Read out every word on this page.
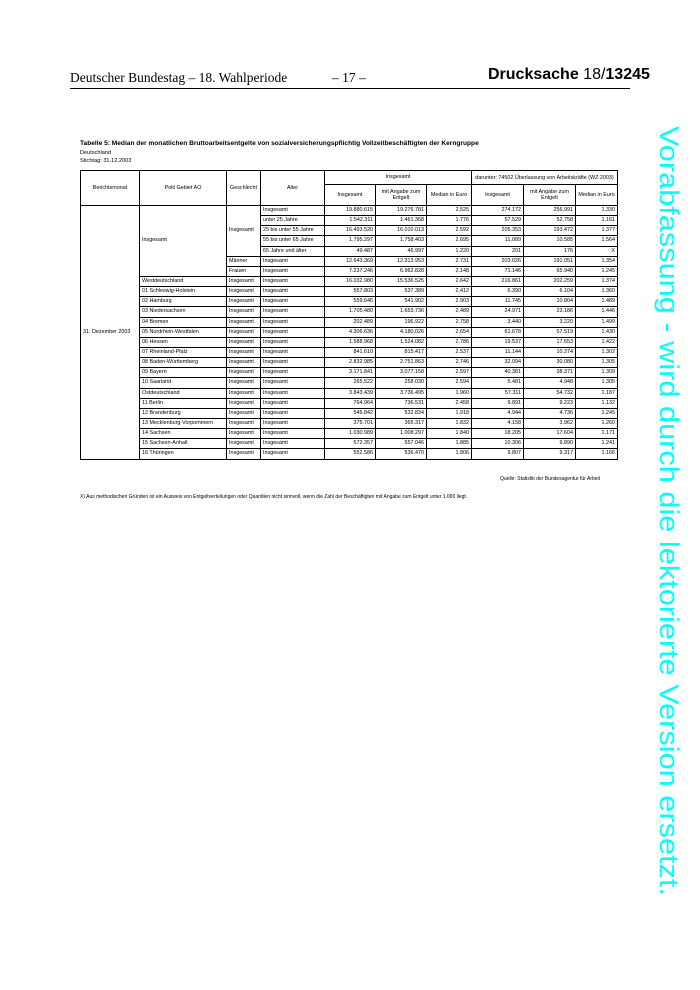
Deutscher Bundestag – 18. Wahlperiode	– 17 –	Drucksache 18/13245
Tabelle 5: Median der monatlichen Bruttoarbeitsentgelte von sozialversicherungspflichtig Vollzeitbeschäftigten der Kerngruppe
Deutschland
Stichtag: 31.12.2003
Berichtsmonat	Polit Gebiet AO	Geschlecht	Alter	Insgesamt			darunter: 74502 Überlassung von Arbeitskräfte (WZ 2003)		
				Insgesamt	mit Angabe zum Entgelt	Median in Euro	Insgesamt	mit Angabe zum Entgelt	Median in Euro
31. Dezember 2003	Insgesamt	Insgesamt	Insgesamt	19.880.615	19.276.781	2.525	274.172	256.991	1.330
			unter 25 Jahre	1.542.311	1.461.368	1.776	57.529	52.758	1.161
			25 bis unter 55 Jahre	16.493.520	16.010.013	2.592	205.353	193.472	1.377
			55 bis unter 65 Jahre	1.795.297	1.758.403	2.695	11.089	10.585	1.564
			65 Jahre und älter	49.487	46.997	1.220	201	176	X
		Männer	Insgesamt	12.643.369	12.313.953	2.731	203.026	191.051	1.354
		Frauen	Insgesamt	7.237.246	6.962.828	2.148	71.146	65.940	1.245
	Westdeutschland	Insgesamt	Insgesamt	16.032.980	15.536.525	2.642	216.861	202.259	1.374
	01 Schleswig-Holstein	Insgesamt	Insgesamt	557.803	537.389	2.412	6.390	6.104	1.360
	02 Hamburg	Insgesamt	Insgesamt	559.646	541.902	2.903	11.745	10.804	1.489
	03 Niedersachsen	Insgesamt	Insgesamt	1.705.480	1.653.736	2.489	24.971	23.186	1.446
	04 Bremen	Insgesamt	Insgesamt	202.489	196.922	2.758	3.440	3.220	1.499
	05 Nordrhein-Westfalen	Insgesamt	Insgesamt	4.306.636	4.180.026	2.654	61.678	57.519	1.430
	06 Hessen	Insgesamt	Insgesamt	1.588.968	1.524.082	2.786	19.537	17.653	1.422
	07 Rheinland-Pfalz	Insgesamt	Insgesamt	841.610	815.417	2.537	11.144	10.374	1.302
	08 Baden-Württemberg	Insgesamt	Insgesamt	2.832.985	2.751.863	2.746	32.094	30.080	1.305
	09 Bayern	Insgesamt	Insgesamt	3.171.841	3.077.158	2.597	40.381	38.371	1.309
	10 Saarland	Insgesamt	Insgesamt	265.522	258.030	2.594	5.481	4.948	1.305
	Ostdeutschland	Insgesamt	Insgesamt	3.843.439	3.736.495	1.960	57.311	54.732	1.187
	11 Berlin	Insgesamt	Insgesamt	764.964	736.531	2.458	9.891	9.223	1.132
	12 Brandenburg	Insgesamt	Insgesamt	546.842	532.834	1.918	4.944	4.736	1.245
	13 Mecklenburg-Vorpommern	Insgesamt	Insgesamt	375.701	365.317	1.832	4.158	3.962	1.260
	14 Sachsen	Insgesamt	Insgesamt	1.030.989	1.008.297	1.840	18.205	17.604	1.171
	15 Sachsen-Anhalt	Insgesamt	Insgesamt	572.357	557.046	1.885	10.306	9.890	1.241
	16 Thüringen	Insgesamt	Insgesamt	552.586	536.470	1.806	9.807	9.317	1.166
Quelle: Statistik der Bundesagentur für Arbeit
X) Aus methodischen Gründen ist ein Ausweis von Entgeltverteilungen oder Quantilen nicht sinnvoll, wenn die Zahl der Beschäftigten mit Angabe zum Entgelt unter 1.000 liegt.	Vorabfassung - wird durch die lektorierte Version ersetzt.
